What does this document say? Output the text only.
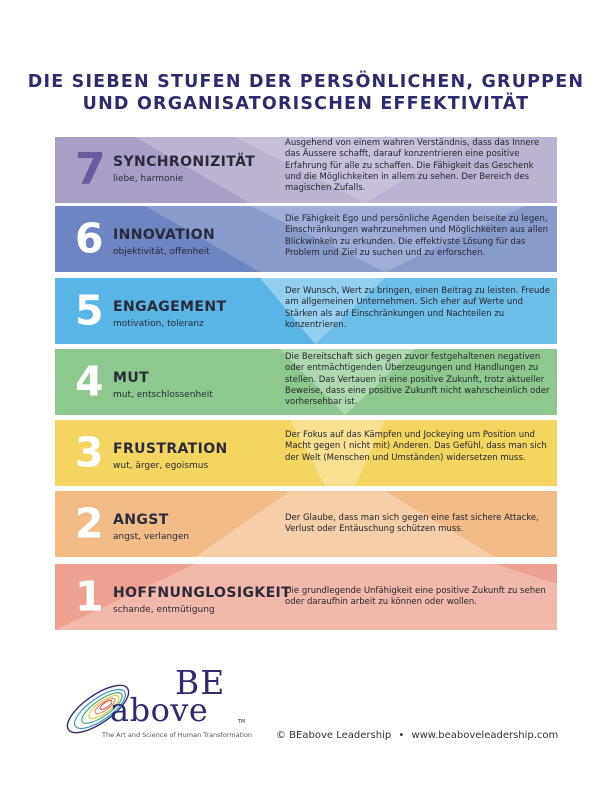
DIE SIEBEN STUFEN DER PERSÖNLICHEN, GRUPPEN
UND ORGANISATORISCHEN EFFEKTIVITÄT
7 SYNCHRONIZITÄT
liebe, harmonie
Ausgehend von einem wahren Verständnis, dass das Innere das Äussere schafft, darauf konzentrieren eine positive Erfahrung für alle zu schaffen. Die Fähigkeit das Geschenk und die Möglichkeiten in allem zu sehen. Der Bereich des magischen Zufalls.
6 INNOVATION
objektivität, offenheit
Die Fähigkeit Ego und persönliche Agenden beiseite zu legen, Einschränkungen wahrzunehmen und Möglichkeiten aus allen Blickwinkeln zu erkunden. Die effektivste Lösung für das Problem und Ziel zu suchen und zu erforschen.
5 ENGAGEMENT
motivation, toleranz
Der Wunsch, Wert zu bringen, einen Beitrag zu leisten. Freude am allgemeinen Unternehmen. Sich eher auf Werte und Stärken als auf Einschränkungen und Nachteilen zu konzentrieren.
4 MUT
mut, entschlossenheit
Die Bereitschaft sich gegen zuvor festgehaltenen negativen oder entmächtigenden Überzeugungen und Handlungen zu stellen. Das Vertauen in eine positive Zukunft, trotz aktueller Beweise, dass eine positive Zukunft nicht wahrscheinlich oder vorhersehbar ist.
3 FRUSTRATION
wut, ärger, egoismus
Der Fokus auf das Kämpfen und Jockeying um Position und Macht gegen ( nicht mit) Anderen. Das Gefühl, dass man sich der Welt (Menschen und Umständen) widersetzen muss.
2 ANGST
angst, verlangen
Der Glaube, dass man sich gegen eine fast sichere Attacke, Verlust oder Entäuschung schützen muss.
1 HOFFNUNGLOSIGKEIT
schande, entmütigung
Die grundlegende Unfähigkeit eine positive Zukunft zu sehen oder daraufhin arbeit zu können oder wollen.
BE
above	TM
The Art and Science of Human Transformation © BEabove Leadership • www.beaboveleadership.com
